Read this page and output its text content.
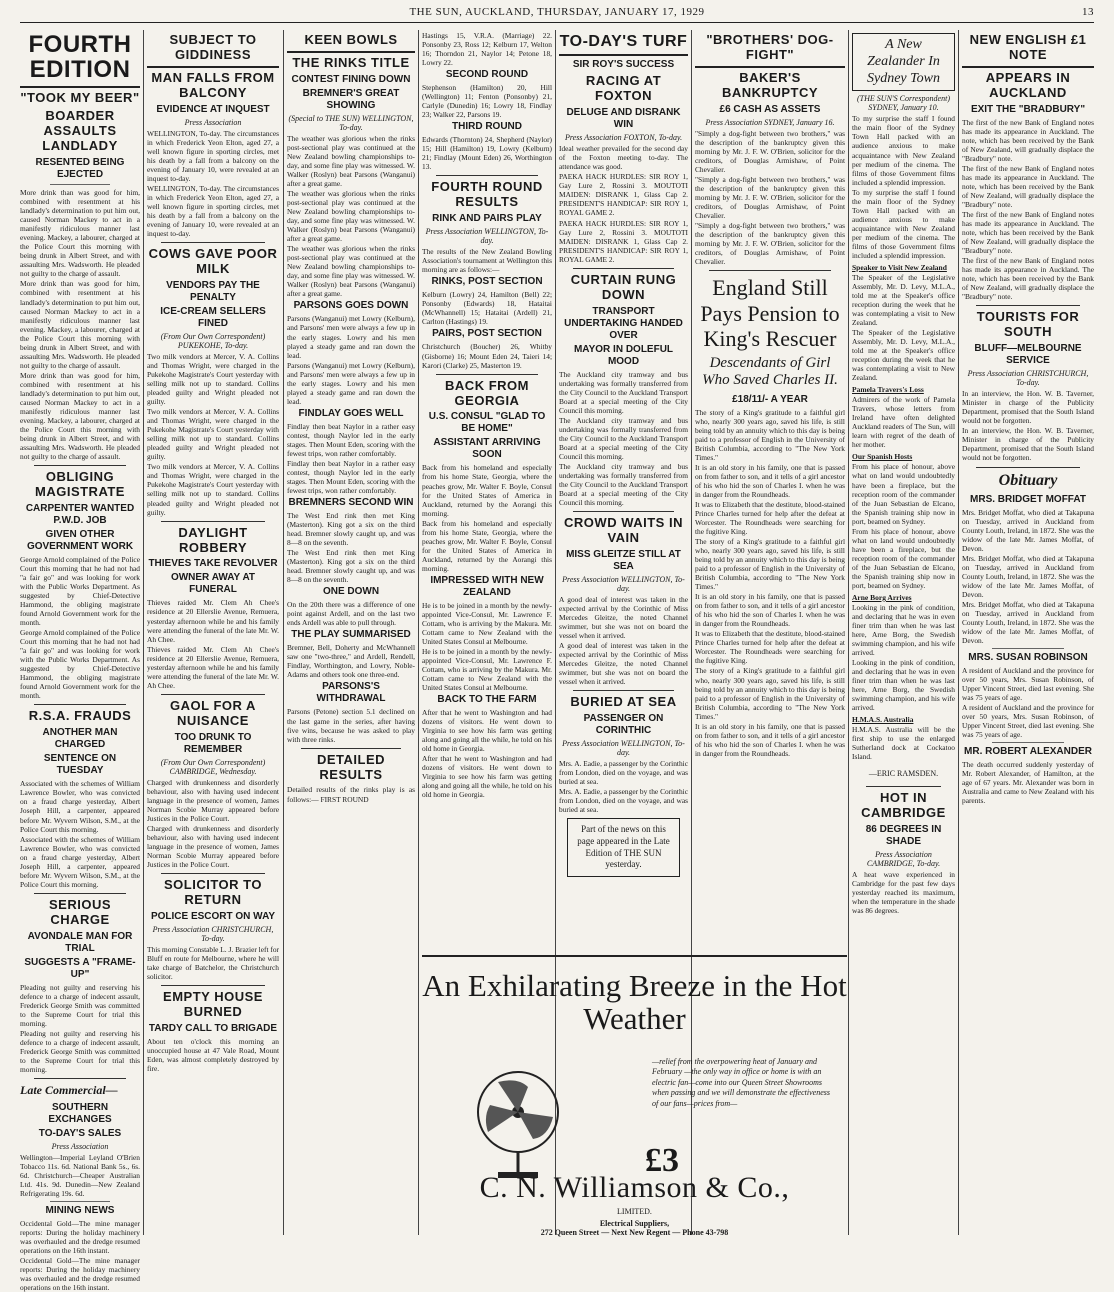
THE SUN, AUCKLAND, THURSDAY, JANUARY 17, 1929	13
FOURTH EDITION
"TOOK MY BEER"
BOARDER ASSAULTS LANDLADY
RESENTED BEING EJECTED

More drink than was good for him, combined with resentment at his landlady's determination to put him out, caused Norman Mackey to act in a manifestly ridiculous manner last evening. Mackey, a labourer, charged at the Police Court this morning with being drunk in Albert Street, and with assaulting Mrs. Wadsworth. He pleaded not guilty to the charge of assault.

More drink than was good for him, combined with resentment at his landlady's determination to put him out, caused Norman Mackey to act in a manifestly ridiculous manner last evening. Mackey, a labourer, charged at the Police Court this morning with being drunk in Albert Street, and with assaulting Mrs. Wadsworth. He pleaded not guilty to the charge of assault.

More drink than was good for him, combined with resentment at his landlady's determination to put him out, caused Norman Mackey to act in a manifestly ridiculous manner last evening. Mackey, a labourer, charged at the Police Court this morning with being drunk in Albert Street, and with assaulting Mrs. Wadsworth. He pleaded not guilty to the charge of assault.

OBLIGING MAGISTRATE
CARPENTER WANTED P.W.D. JOB
GIVEN OTHER GOVERNMENT WORK

George Arnold complained of the Police Court this morning that he had not had "a fair go" and was looking for work with the Public Works Department. As suggested by Chief-Detective Hammond, the obliging magistrate found Arnold Government work for the month.

George Arnold complained of the Police Court this morning that he had not had "a fair go" and was looking for work with the Public Works Department. As suggested by Chief-Detective Hammond, the obliging magistrate found Arnold Government work for the month.

R.S.A. FRAUDS
ANOTHER MAN CHARGED
SENTENCE ON TUESDAY

Associated with the schemes of William Lawrence Bowler, who was convicted on a fraud charge yesterday, Albert Joseph Hill, a carpenter, appeared before Mr. Wyvern Wilson, S.M., at the Police Court this morning.

Associated with the schemes of William Lawrence Bowler, who was convicted on a fraud charge yesterday, Albert Joseph Hill, a carpenter, appeared before Mr. Wyvern Wilson, S.M., at the Police Court this morning.

SERIOUS CHARGE
AVONDALE MAN FOR TRIAL
SUGGESTS A "FRAME-UP"

Pleading not guilty and reserving his defence to a charge of indecent assault, Frederick George Smith was committed to the Supreme Court for trial this morning.

Pleading not guilty and reserving his defence to a charge of indecent assault, Frederick George Smith was committed to the Supreme Court for trial this morning.

Late Commercial—
SOUTHERN EXCHANGES
TO-DAY'S SALES

Press Association

Wellington—Imperial Leyland O'Brien Tobacco 11s. 6d. National Bank 5s., 6s. 6d. Christchurch—Cheaper Australian Ltd. 41s. 9d. Dunedin—New Zealand Refrigerating 19s. 6d.

MINING NEWS

Occidental Gold—The mine manager reports: During the holiday machinery was overhauled and the dredge resumed operations on the 16th instant.

Occidental Gold—The mine manager reports: During the holiday machinery was overhauled and the dredge resumed operations on the 16th instant.

SUBJECT TO GIDDINESS
MAN FALLS FROM BALCONY
EVIDENCE AT INQUEST

Press Association

WELLINGTON, To-day. The circumstances in which Frederick Yeon Elton, aged 27, a well known figure in sporting circles, met his death by a fall from a balcony on the evening of January 10, were revealed at an inquest to-day.

WELLINGTON, To-day. The circumstances in which Frederick Yeon Elton, aged 27, a well known figure in sporting circles, met his death by a fall from a balcony on the evening of January 10, were revealed at an inquest to-day.

COWS GAVE POOR MILK
VENDORS PAY THE PENALTY
ICE-CREAM SELLERS FINED

(From Our Own Correspondent) PUKEKOHE, To-day.

Two milk vendors at Mercer, V. A. Collins and Thomas Wright, were charged in the Pukekohe Magistrate's Court yesterday with selling milk not up to standard. Collins pleaded guilty and Wright pleaded not guilty.

Two milk vendors at Mercer, V. A. Collins and Thomas Wright, were charged in the Pukekohe Magistrate's Court yesterday with selling milk not up to standard. Collins pleaded guilty and Wright pleaded not guilty.

Two milk vendors at Mercer, V. A. Collins and Thomas Wright, were charged in the Pukekohe Magistrate's Court yesterday with selling milk not up to standard. Collins pleaded guilty and Wright pleaded not guilty.

DAYLIGHT ROBBERY
THIEVES TAKE REVOLVER
OWNER AWAY AT FUNERAL

Thieves raided Mr. Clem Ah Chee's residence at 20 Ellerslie Avenue, Remuera, yesterday afternoon while he and his family were attending the funeral of the late Mr. W. Ah Chee.

Thieves raided Mr. Clem Ah Chee's residence at 20 Ellerslie Avenue, Remuera, yesterday afternoon while he and his family were attending the funeral of the late Mr. W. Ah Chee.

GAOL FOR A NUISANCE
TOO DRUNK TO REMEMBER

(From Our Own Correspondent) CAMBRIDGE, Wednesday.

Charged with drunkenness and disorderly behaviour, also with having used indecent language in the presence of women, James Norman Scobie Murray appeared before Justices in the Police Court.

Charged with drunkenness and disorderly behaviour, also with having used indecent language in the presence of women, James Norman Scobie Murray appeared before Justices in the Police Court.

SOLICITOR TO RETURN
POLICE ESCORT ON WAY

Press Association CHRISTCHURCH, To-day.

This morning Constable L. J. Brazier left for Bluff en route for Melbourne, where he will take charge of Batchelor, the Christchurch solicitor.

EMPTY HOUSE BURNED
TARDY CALL TO BRIGADE

About ten o'clock this morning an unoccupied house at 47 Vale Road, Mount Eden, was almost completely destroyed by fire.

KEEN BOWLS
THE RINKS TITLE
CONTEST FINING DOWN
BREMNER'S GREAT SHOWING

(Special to THE SUN) WELLINGTON, To-day.

The weather was glorious when the rinks post-sectional play was continued at the New Zealand bowling championships to-day, and some fine play was witnessed. W. Walker (Roslyn) beat Parsons (Wanganui) after a great game.

The weather was glorious when the rinks post-sectional play was continued at the New Zealand bowling championships to-day, and some fine play was witnessed. W. Walker (Roslyn) beat Parsons (Wanganui) after a great game.

The weather was glorious when the rinks post-sectional play was continued at the New Zealand bowling championships to-day, and some fine play was witnessed. W. Walker (Roslyn) beat Parsons (Wanganui) after a great game.

PARSONS GOES DOWN

Parsons (Wanganui) met Lowry (Kelburn), and Parsons' men were always a few up in the early stages. Lowry and his men played a steady game and ran down the lead.

Parsons (Wanganui) met Lowry (Kelburn), and Parsons' men were always a few up in the early stages. Lowry and his men played a steady game and ran down the lead.

FINDLAY GOES WELL

Findlay then beat Naylor in a rather easy contest, though Naylor led in the early stages. Then Mount Eden, scoring with the fewest trips, won rather comfortably.

Findlay then beat Naylor in a rather easy contest, though Naylor led in the early stages. Then Mount Eden, scoring with the fewest trips, won rather comfortably.

BREMNERS SECOND WIN

The West End rink then met King (Masterton). King got a six on the third head. Bremner slowly caught up, and was 8—8 on the seventh.

The West End rink then met King (Masterton). King got a six on the third head. Bremner slowly caught up, and was 8—8 on the seventh.

ONE DOWN

On the 20th there was a difference of one point against Ardell, and on the last two ends Ardell was able to pull through.

THE PLAY SUMMARISED

Bremner, Bell, Doherty and McWhannell saw one "two-three," and Ardell, Rendell, Findlay, Worthington, and Lowry, Noble-Adams and others took one three-end.

PARSONS'S WITHDRAWAL

Parsons (Petone) section 5.1 declined on the last game in the series, after having five wins, because he was asked to play with three rinks.

DETAILED RESULTS

Detailed results of the rinks play is as follows:— FIRST ROUND

Hastings 15, V.R.A. (Marriage) 22. Ponsonby 23, Ross 12; Kelburn 17, Welton 16; Thorndon 21, Naylor 14; Petone 18, Lowry 22.

SECOND ROUND

Stephenson (Hamilton) 20, Hill (Wellington) 11; Fenton (Ponsonby) 21, Carlyle (Dunedin) 16; Lowry 18, Findlay 23; Walker 22, Parsons 19.

THIRD ROUND

Edwards (Thornton) 24, Shepherd (Naylor) 15; Hill (Hamilton) 19, Lowry (Kelburn) 21; Findlay (Mount Eden) 26, Worthington 13.

FOURTH ROUND RESULTS
RINK AND PAIRS PLAY

Press Association WELLINGTON, To-day.

The results of the New Zealand Bowling Association's tournament at Wellington this morning are as follows:—

RINKS, POST SECTION

Kelburn (Lowry) 24, Hamilton (Bell) 22; Ponsonby (Edwards) 18, Hataitai (McWhannell) 15; Hataitai (Ardell) 21, Carlton (Hastings) 19.

PAIRS, POST SECTION

Christchurch (Boucher) 26, Whitby (Gisborne) 16; Mount Eden 24, Taieri 14; Karori (Clarke) 25, Masterton 19.

BACK FROM GEORGIA
U.S. CONSUL "GLAD TO BE HOME"
ASSISTANT ARRIVING SOON

Back from his homeland and especially from his home State, Georgia, where the peaches grow, Mr. Walter F. Boyle, Consul for the United States of America in Auckland, returned by the Aorangi this morning.

Back from his homeland and especially from his home State, Georgia, where the peaches grow, Mr. Walter F. Boyle, Consul for the United States of America in Auckland, returned by the Aorangi this morning.

IMPRESSED WITH NEW ZEALAND

He is to be joined in a month by the newly-appointed Vice-Consul, Mr. Lawrence F. Cottam, who is arriving by the Makura. Mr. Cottam came to New Zealand with the United States Consul at Melbourne.

He is to be joined in a month by the newly-appointed Vice-Consul, Mr. Lawrence F. Cottam, who is arriving by the Makura. Mr. Cottam came to New Zealand with the United States Consul at Melbourne.

BACK TO THE FARM

After that he went to Washington and had dozens of visitors. He went down to Virginia to see how his farm was getting along and going all the while, he told on his old home in Georgia.

After that he went to Washington and had dozens of visitors. He went down to Virginia to see how his farm was getting along and going all the while, he told on his old home in Georgia.

TO-DAY'S TURF
SIR ROY'S SUCCESS
RACING AT FOXTON
DELUGE AND DISRANK WIN

Press Association FOXTON, To-day.

Ideal weather prevailed for the second day of the Foxton meeting to-day. The attendance was good.

PAEKA HACK HURDLES: SIR ROY 1, Gay Lure 2, Rossini 3. MOUTOTI MAIDEN: DISRANK 1, Glass Cap 2. PRESIDENT'S HANDICAP: SIR ROY 1, ROYAL GAME 2.

PAEKA HACK HURDLES: SIR ROY 1, Gay Lure 2, Rossini 3. MOUTOTI MAIDEN: DISRANK 1, Glass Cap 2. PRESIDENT'S HANDICAP: SIR ROY 1, ROYAL GAME 2.

CURTAIN RUNG DOWN
TRANSPORT UNDERTAKING HANDED OVER
MAYOR IN DOLEFUL MOOD

The Auckland city tramway and bus undertaking was formally transferred from the City Council to the Auckland Transport Board at a special meeting of the City Council this morning.

The Auckland city tramway and bus undertaking was formally transferred from the City Council to the Auckland Transport Board at a special meeting of the City Council this morning.

The Auckland city tramway and bus undertaking was formally transferred from the City Council to the Auckland Transport Board at a special meeting of the City Council this morning.

CROWD WAITS IN VAIN
MISS GLEITZE STILL AT SEA

Press Association WELLINGTON, To-day.

A good deal of interest was taken in the expected arrival by the Corinthic of Miss Mercedes Gleitze, the noted Channel swimmer, but she was not on board the vessel when it arrived.

A good deal of interest was taken in the expected arrival by the Corinthic of Miss Mercedes Gleitze, the noted Channel swimmer, but she was not on board the vessel when it arrived.

BURIED AT SEA
PASSENGER ON CORINTHIC

Press Association WELLINGTON, To-day.

Mrs. A. Eadie, a passenger by the Corinthic from London, died on the voyage, and was buried at sea.

Mrs. A. Eadie, a passenger by the Corinthic from London, died on the voyage, and was buried at sea.

Part of the news on this page appeared in the Late Edition of THE SUN yesterday.
"BROTHERS' DOG-FIGHT"
BAKER'S BANKRUPTCY
£6 CASH AS ASSETS

Press Association SYDNEY, January 16.

"Simply a dog-fight between two brothers," was the description of the bankruptcy given this morning by Mr. J. F. W. O'Brien, solicitor for the creditors, of Douglas Armishaw, of Point Chevalier.

"Simply a dog-fight between two brothers," was the description of the bankruptcy given this morning by Mr. J. F. W. O'Brien, solicitor for the creditors, of Douglas Armishaw, of Point Chevalier.

"Simply a dog-fight between two brothers," was the description of the bankruptcy given this morning by Mr. J. F. W. O'Brien, solicitor for the creditors, of Douglas Armishaw, of Point Chevalier.

England Still Pays Pension to King's Rescuer
Descendants of Girl Who Saved Charles II.
£18/11/- A YEAR

The story of a King's gratitude to a faithful girl who, nearly 300 years ago, saved his life, is still being told by an annuity which to this day is being paid to a professor of English in the University of British Columbia, according to "The New York Times."

It is an old story in his family, one that is passed on from father to son, and it tells of a girl ancestor of his who hid the son of Charles I. when he was in danger from the Roundheads.

It was to Elizabeth that the destitute, blood-stained Prince Charles turned for help after the defeat at Worcester. The Roundheads were searching for the fugitive King.

The story of a King's gratitude to a faithful girl who, nearly 300 years ago, saved his life, is still being told by an annuity which to this day is being paid to a professor of English in the University of British Columbia, according to "The New York Times."

It is an old story in his family, one that is passed on from father to son, and it tells of a girl ancestor of his who hid the son of Charles I. when he was in danger from the Roundheads.

It was to Elizabeth that the destitute, blood-stained Prince Charles turned for help after the defeat at Worcester. The Roundheads were searching for the fugitive King.

The story of a King's gratitude to a faithful girl who, nearly 300 years ago, saved his life, is still being told by an annuity which to this day is being paid to a professor of English in the University of British Columbia, according to "The New York Times."

It is an old story in his family, one that is passed on from father to son, and it tells of a girl ancestor of his who hid the son of Charles I. when he was in danger from the Roundheads.

A New Zealander In Sydney Town

(THE SUN'S Correspondent) SYDNEY, January 10.

To my surprise the staff I found the main floor of the Sydney Town Hall packed with an audience anxious to make acquaintance with New Zealand per medium of the cinema. The films of those Government films included a splendid impression.

To my surprise the staff I found the main floor of the Sydney Town Hall packed with an audience anxious to make acquaintance with New Zealand per medium of the cinema. The films of those Government films included a splendid impression.

Speaker to Visit New Zealand

The Speaker of the Legislative Assembly, Mr. D. Levy, M.L.A., told me at the Speaker's office reception during the week that he was contemplating a visit to New Zealand.

The Speaker of the Legislative Assembly, Mr. D. Levy, M.L.A., told me at the Speaker's office reception during the week that he was contemplating a visit to New Zealand.

Pamela Travers's Loss

Admirers of the work of Pamela Travers, whose letters from Ireland have often delighted Auckland readers of The Sun, will learn with regret of the death of her mother.

Our Spanish Hosts

From his place of honour, above what on land would undoubtedly have been a fireplace, but the reception room of the commander of the Juan Sebastian de Elcano, the Spanish training ship now in port, beamed on Sydney.

From his place of honour, above what on land would undoubtedly have been a fireplace, but the reception room of the commander of the Juan Sebastian de Elcano, the Spanish training ship now in port, beamed on Sydney.

Arne Borg Arrives

Looking in the pink of condition, and declaring that he was in even finer trim than when he was last here, Arne Borg, the Swedish swimming champion, and his wife arrived.

Looking in the pink of condition, and declaring that he was in even finer trim than when he was last here, Arne Borg, the Swedish swimming champion, and his wife arrived.

H.M.A.S. Australia

H.M.A.S. Australia will be the first ship to use the enlarged Sutherland dock at Cockatoo Island.

—ERIC RAMSDEN.

HOT IN CAMBRIDGE
86 DEGREES IN SHADE

Press Association CAMBRIDGE, To-day.

A heat wave experienced in Cambridge for the past few days yesterday reached its maximum, when the temperature in the shade was 86 degrees.

NEW ENGLISH £1 NOTE
APPEARS IN AUCKLAND
EXIT THE "BRADBURY"

The first of the new Bank of England notes has made its appearance in Auckland. The note, which has been received by the Bank of New Zealand, will gradually displace the "Bradbury" note.

The first of the new Bank of England notes has made its appearance in Auckland. The note, which has been received by the Bank of New Zealand, will gradually displace the "Bradbury" note.

The first of the new Bank of England notes has made its appearance in Auckland. The note, which has been received by the Bank of New Zealand, will gradually displace the "Bradbury" note.

The first of the new Bank of England notes has made its appearance in Auckland. The note, which has been received by the Bank of New Zealand, will gradually displace the "Bradbury" note.

TOURISTS FOR SOUTH
BLUFF—MELBOURNE SERVICE

Press Association CHRISTCHURCH, To-day.

In an interview, the Hon. W. B. Taverner, Minister in charge of the Publicity Department, promised that the South Island would not be forgotten.

In an interview, the Hon. W. B. Taverner, Minister in charge of the Publicity Department, promised that the South Island would not be forgotten.

Obituary
MRS. BRIDGET MOFFAT

Mrs. Bridget Moffat, who died at Takapuna on Tuesday, arrived in Auckland from County Louth, Ireland, in 1872. She was the widow of the late Mr. James Moffat, of Devon.

Mrs. Bridget Moffat, who died at Takapuna on Tuesday, arrived in Auckland from County Louth, Ireland, in 1872. She was the widow of the late Mr. James Moffat, of Devon.

Mrs. Bridget Moffat, who died at Takapuna on Tuesday, arrived in Auckland from County Louth, Ireland, in 1872. She was the widow of the late Mr. James Moffat, of Devon.

MRS. SUSAN ROBINSON

A resident of Auckland and the province for over 50 years, Mrs. Susan Robinson, of Upper Vincent Street, died last evening. She was 75 years of age.

A resident of Auckland and the province for over 50 years, Mrs. Susan Robinson, of Upper Vincent Street, died last evening. She was 75 years of age.

MR. ROBERT ALEXANDER

The death occurred suddenly yesterday of Mr. Robert Alexander, of Hamilton, at the age of 67 years. Mr. Alexander was born in Australia and came to New Zealand with his parents.

An Exhilarating Breeze in the Hot Weather
—relief from the overpowering heat of January and February —the only way in office or home is with an electric fan—come into our Queen Street Showrooms when passing and we will demonstrate the effectiveness of our fans—prices from—
£3
C. N. Williamson & Co.,
LIMITED.
Electrical Suppliers,
272 Queen Street — Next New Regent — Phone 43-798
